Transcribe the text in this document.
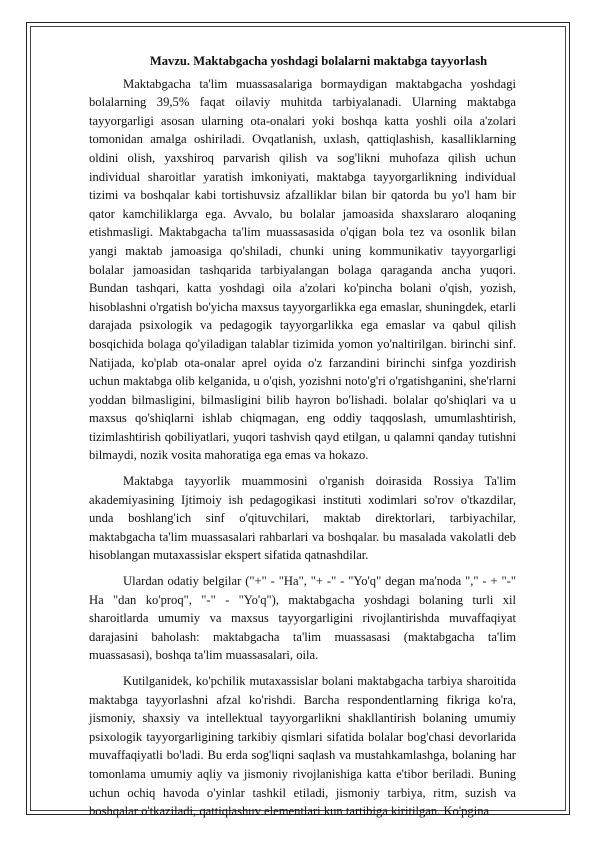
Mavzu. Maktabgacha yoshdagi bolalarni maktabga tayyorlash

Maktabgacha ta'lim muassasalariga bormaydigan maktabgacha yoshdagi bolalarning 39,5% faqat oilaviy muhitda tarbiyalanadi. Ularning maktabga tayyorgarligi asosan ularning ota-onalari yoki boshqa katta yoshli oila a'zolari tomonidan amalga oshiriladi. Ovqatlanish, uxlash, qattiqlashish, kasalliklarning oldini olish, yaxshiroq parvarish qilish va sog'likni muhofaza qilish uchun individual sharoitlar yaratish imkoniyati, maktabga tayyorgarlikning individual tizimi va boshqalar kabi tortishuvsiz afzalliklar bilan bir qatorda bu yo'l ham bir qator kamchiliklarga ega. Avvalo, bu bolalar jamoasida shaxslararo aloqaning etishmasligi. Maktabgacha ta'lim muassasasida o'qigan bola tez va osonlik bilan yangi maktab jamoasiga qo'shiladi, chunki uning kommunikativ tayyorgarligi bolalar jamoasidan tashqarida tarbiyalangan bolaga qaraganda ancha yuqori. Bundan tashqari, katta yoshdagi oila a'zolari ko'pincha bolani o'qish, yozish, hisoblashni o'rgatish bo'yicha maxsus tayyorgarlikka ega emaslar, shuningdek, etarli darajada psixologik va pedagogik tayyorgarlikka ega emaslar va qabul qilish bosqichida bolaga qo'yiladigan talablar tizimida yomon yo'naltirilgan. birinchi sinf. Natijada, ko'plab ota-onalar aprel oyida o'z farzandini birinchi sinfga yozdirish uchun maktabga olib kelganida, u o'qish, yozishni noto'g'ri o'rgatishganini, she'rlarni yoddan bilmasligini, bilmasligini bilib hayron bo'lishadi. bolalar qo'shiqlari va u maxsus qo'shiqlarni ishlab chiqmagan, eng oddiy taqqoslash, umumlashtirish, tizimlashtirish qobiliyatlari, yuqori tashvish qayd etilgan, u qalamni qanday tutishni bilmaydi, nozik vosita mahoratiga ega emas va hokazo.

Maktabga tayyorlik muammosini o'rganish doirasida Rossiya Ta'lim akademiyasining Ijtimoiy ish pedagogikasi instituti xodimlari so'rov o'tkazdilar, unda boshlang'ich sinf o'qituvchilari, maktab direktorlari, tarbiyachilar, maktabgacha ta'lim muassasalari rahbarlari va boshqalar. bu masalada vakolatli deb hisoblangan mutaxassislar ekspert sifatida qatnashdilar.

Ulardan odatiy belgilar ("+" - "Ha", "+ -" - "Yo'q" degan ma'noda "," - + "-" Ha "dan ko'proq", "-" - "Yo'q"), maktabgacha yoshdagi bolaning turli xil sharoitlarda umumiy va maxsus tayyorgarligini rivojlantirishda muvaffaqiyat darajasini baholash: maktabgacha ta'lim muassasasi (maktabgacha ta'lim muassasasi), boshqa ta'lim muassasalari, oila.

Kutilganidek, ko'pchilik mutaxassislar bolani maktabgacha tarbiya sharoitida maktabga tayyorlashni afzal ko'rishdi. Barcha respondentlarning fikriga ko'ra, jismoniy, shaxsiy va intellektual tayyorgarlikni shakllantirish bolaning umumiy psixologik tayyorgarligining tarkibiy qismlari sifatida bolalar bog'chasi devorlarida muvaffaqiyatli bo'ladi. Bu erda sog'liqni saqlash va mustahkamlashga, bolaning har tomonlama umumiy aqliy va jismoniy rivojlanishiga katta e'tibor beriladi. Buning uchun ochiq havoda o'yinlar tashkil etiladi, jismoniy tarbiya, ritm, suzish va boshqalar o'tkaziladi, qattiqlashuv elementlari kun tartibiga kiritilgan. Ko'pgina
